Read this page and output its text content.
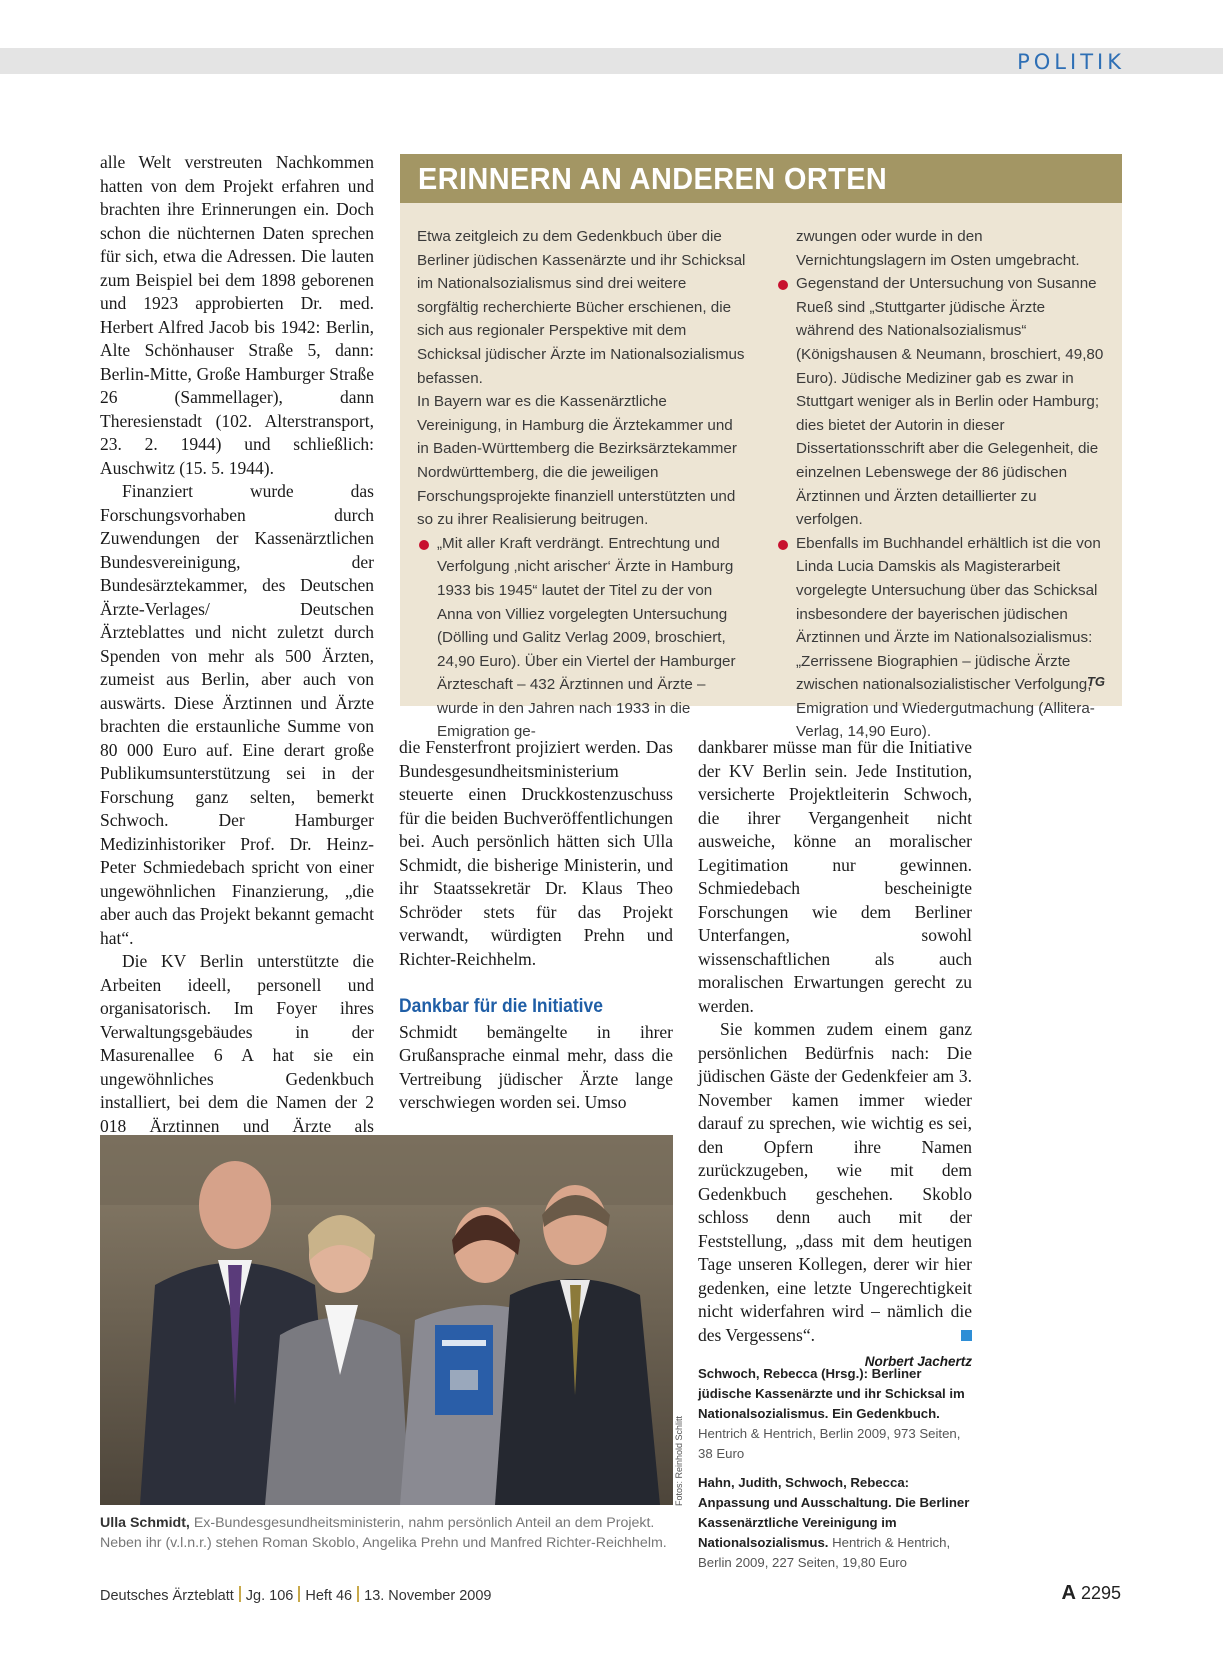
POLITIK

alle Welt verstreuten Nachkommen hatten von dem Projekt erfahren und brachten ihre Erinnerungen ein. Doch schon die nüchternen Daten sprechen für sich, etwa die Adressen. Die lauten zum Beispiel bei dem 1898 geborenen und 1923 approbierten Dr. med. Herbert Alfred Jacob bis 1942: Berlin, Alte Schönhauser Straße 5, dann: Berlin-Mitte, Große Hamburger Straße 26 (Sammellager), dann Theresienstadt (102. Alterstransport, 23. 2. 1944) und schließlich: Auschwitz (15. 5. 1944).

Finanziert wurde das Forschungsvorhaben durch Zuwendungen der Kassenärztlichen Bundesvereinigung, der Bundesärztekammer, des Deutschen Ärzte-Verlages/ Deutschen Ärzteblattes und nicht zuletzt durch Spenden von mehr als 500 Ärzten, zumeist aus Berlin, aber auch von auswärts. Diese Ärztinnen und Ärzte brachten die erstaunliche Summe von 80 000 Euro auf. Eine derart große Publikumsunterstützung sei in der Forschung ganz selten, bemerkt Schwoch. Der Hamburger Medizinhistoriker Prof. Dr. Heinz-Peter Schmiedebach spricht von einer ungewöhnlichen Finanzierung, „die aber auch das Projekt bekannt gemacht hat“.

Die KV Berlin unterstützte die Arbeiten ideell, personell und organisatorisch. Im Foyer ihres Verwaltungsgebäudes in der Masurenallee 6 A hat sie ein ungewöhnliches Gedenkbuch installiert, bei dem die Namen der 2 018 Ärztinnen und Ärzte als

ERINNERN AN ANDEREN ORTEN

Etwa zeitgleich zu dem Gedenkbuch über die Berliner jüdischen Kassenärzte und ihr Schicksal im Nationalsozialismus sind drei weitere sorgfältig recherchierte Bücher erschienen, die sich aus regionaler Perspektive mit dem Schicksal jüdischer Ärzte im Nationalsozialismus befassen.

In Bayern war es die Kassenärztliche Vereinigung, in Hamburg die Ärztekammer und in Baden-Württemberg die Bezirksärztekammer Nordwürttemberg, die die jeweiligen Forschungsprojekte finanziell unterstützten und so zu ihrer Realisierung beitrugen.

„Mit aller Kraft verdrängt. Entrechtung und Verfolgung ‚nicht arischer‘ Ärzte in Hamburg 1933 bis 1945“ lautet der Titel zu der von Anna von Villiez vorgelegten Untersuchung (Dölling und Galitz Verlag 2009, broschiert, 24,90 Euro). Über ein Viertel der Hamburger Ärzteschaft – 432 Ärztinnen und Ärzte – wurde in den Jahren nach 1933 in die Emigration ge-

zwungen oder wurde in den Vernichtungslagern im Osten umgebracht.

Gegenstand der Untersuchung von Susanne Rueß sind „Stuttgarter jüdische Ärzte während des Nationalsozialismus“ (Königshausen & Neumann, broschiert, 49,80 Euro). Jüdische Mediziner gab es zwar in Stuttgart weniger als in Berlin oder Hamburg; dies bietet der Autorin in dieser Dissertationsschrift aber die Gelegenheit, die einzelnen Lebenswege der 86 jüdischen Ärztinnen und Ärzten detaillierter zu verfolgen.

Ebenfalls im Buchhandel erhältlich ist die von Linda Lucia Damskis als Magisterarbeit vorgelegte Untersuchung über das Schicksal insbesondere der bayerischen jüdischen Ärztinnen und Ärzte im Nationalsozialismus: „Zerrissene Biographien – jüdische Ärzte zwischen nationalsozialistischer Verfolgung, Emigration und Wiedergutmachung (Allitera-Verlag, 14,90 Euro).

TG

die Fensterfront projiziert werden. Das Bundesgesundheitsministerium steuerte einen Druckkostenzuschuss für die beiden Buchveröffentlichungen bei. Auch persönlich hätten sich Ulla Schmidt, die bisherige Ministerin, und ihr Staatssekretär Dr. Klaus Theo Schröder stets für das Projekt verwandt, würdigten Prehn und Richter-Reichhelm.

Dankbar für die Initiative

Schmidt bemängelte in ihrer Grußansprache einmal mehr, dass die Vertreibung jüdischer Ärzte lange verschwiegen worden sei. Umso

dankbarer müsse man für die Initiative der KV Berlin sein. Jede Institution, versicherte Projektleiterin Schwoch, die ihrer Vergangenheit nicht ausweiche, könne an moralischer Legitimation nur gewinnen. Schmiedebach bescheinigte Forschungen wie dem Berliner Unterfangen, sowohl wissenschaftlichen als auch moralischen Erwartungen gerecht zu werden.

Sie kommen zudem einem ganz persönlichen Bedürfnis nach: Die jüdischen Gäste der Gedenkfeier am 3. November kamen immer wieder darauf zu sprechen, wie wichtig es sei, den Opfern ihre Namen zurückzugeben, wie mit dem Gedenkbuch geschehen. Skoblo schloss denn auch mit der Feststellung, „dass mit dem heutigen Tage unseren Kollegen, derer wir hier gedenken, eine letzte Ungerechtigkeit nicht widerfahren wird – nämlich die des Vergessens“.

Norbert Jachertz

Fotos: Reinhold Schlitt
Ulla Schmidt, Ex-Bundesgesundheitsministerin, nahm persönlich Anteil an dem Projekt. Neben ihr (v.l.n.r.) stehen Roman Skoblo, Angelika Prehn und Manfred Richter-Reichhelm.

Schwoch, Rebecca (Hrsg.): Berliner jüdische Kassenärzte und ihr Schicksal im Nationalsozialismus. Ein Gedenkbuch. Hentrich & Hentrich, Berlin 2009, 973 Seiten, 38 Euro

Hahn, Judith, Schwoch, Rebecca: Anpassung und Ausschaltung. Die Berliner Kassenärztliche Vereinigung im Nationalsozialismus. Hentrich & Hentrich, Berlin 2009, 227 Seiten, 19,80 Euro

Deutsches Ärzteblatt Jg. 106 Heft 46 13. November 2009	A 2295
